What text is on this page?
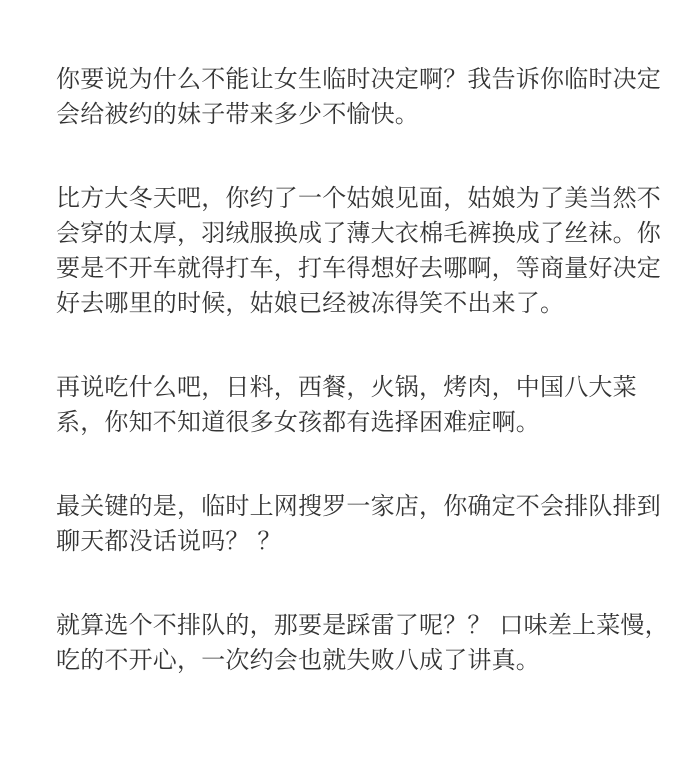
你要说为什么不能让女生临时决定啊？我告诉你临时决定
会给被约的妹子带来多少不愉快。

比方大冬天吧，你约了一个姑娘见面，姑娘为了美当然不
会穿的太厚，羽绒服换成了薄大衣棉毛裤换成了丝袜。你
要是不开车就得打车，打车得想好去哪啊，等商量好决定
好去哪里的时候，姑娘已经被冻得笑不出来了。

再说吃什么吧，日料，西餐，火锅，烤肉，中国八大菜
系，你知不知道很多女孩都有选择困难症啊。

最关键的是，临时上网搜罗一家店，你确定不会排队排到
聊天都没话说吗？ ？

就算选个不排队的，那要是踩雷了呢？？ 口味差上菜慢，
吃的不开心，一次约会也就失败八成了讲真。
